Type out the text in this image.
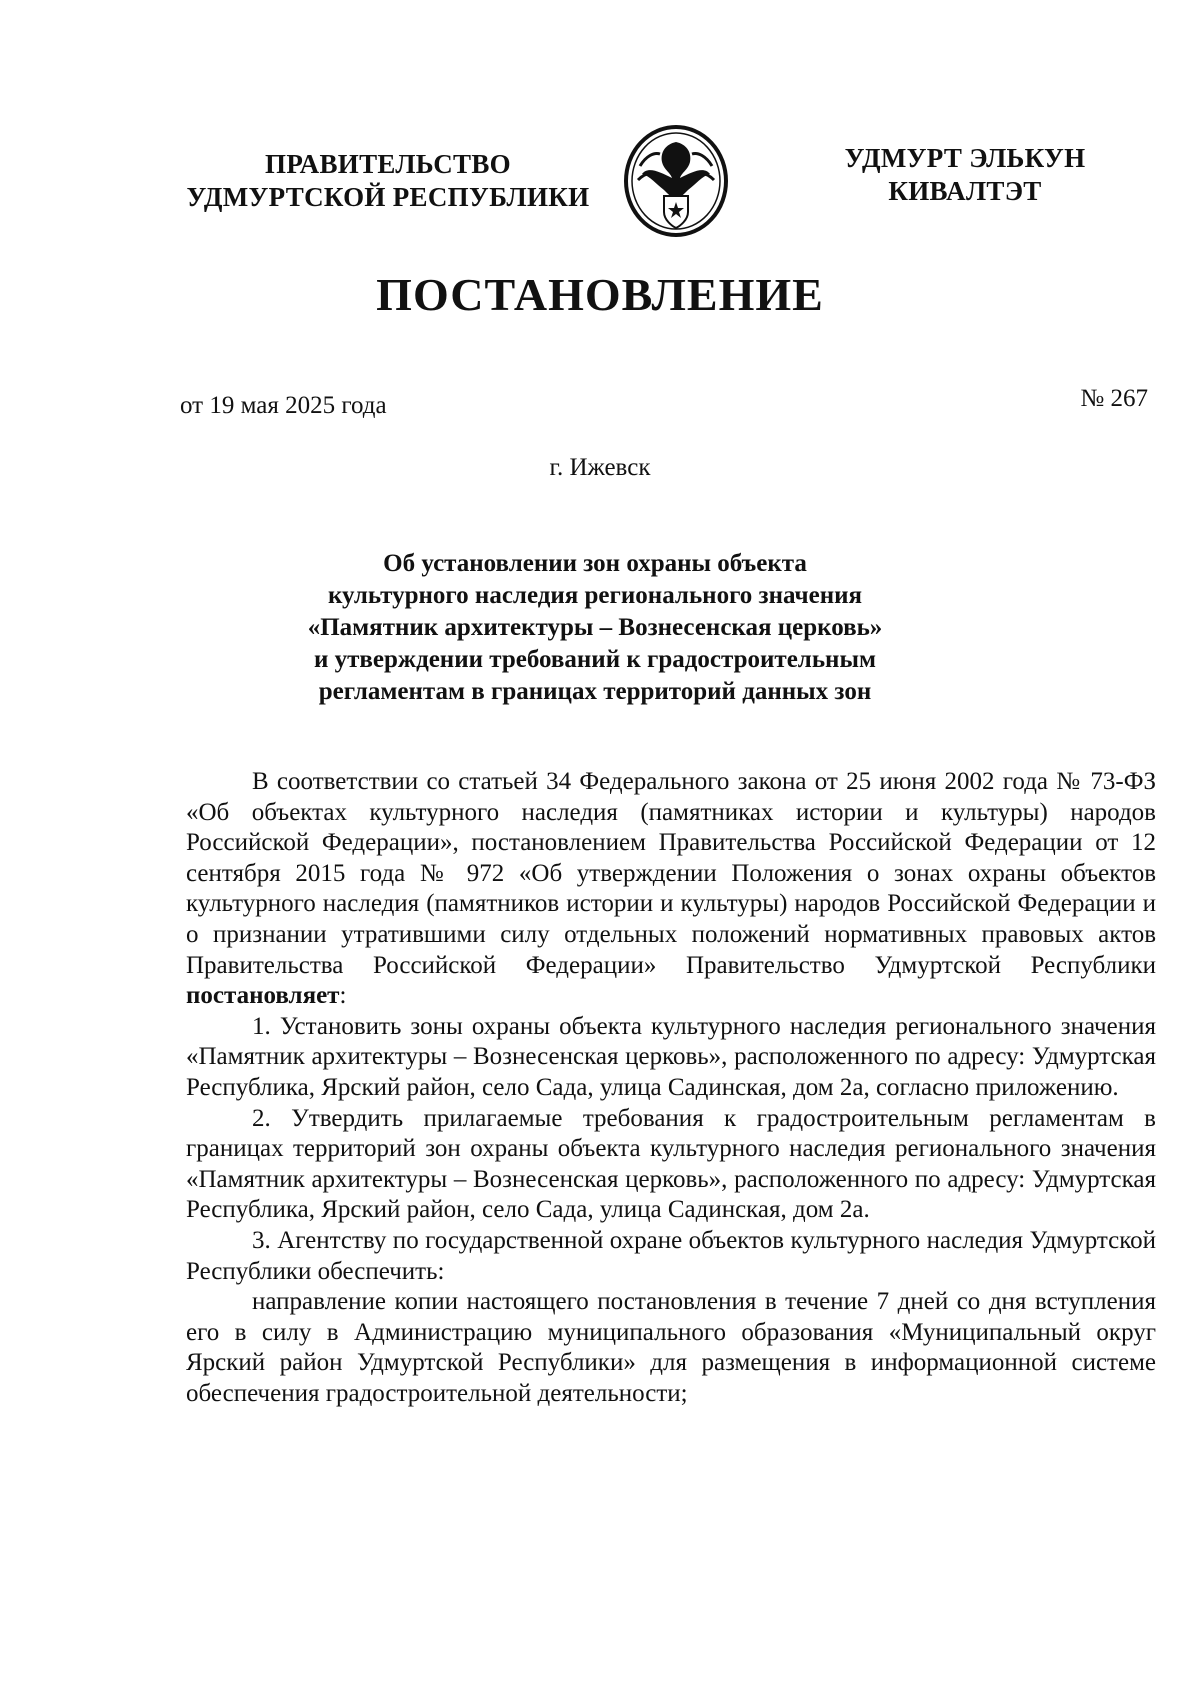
ПРАВИТЕЛЬСТВО
УДМУРТСКОЙ РЕСПУБЛИКИ
УДМУРТ ЭЛЬКУН
КИВАЛТЭТ
ПОСТАНОВЛЕНИЕ
от 19 мая 2025 года	№ 267
г. Ижевск
Об установлении зон охраны объекта
культурного наследия регионального значения
«Памятник архитектуры – Вознесенская церковь»
и утверждении требований к градостроительным
регламентам в границах территорий данных зон

В соответствии со статьей 34 Федерального закона от 25 июня 2002 года № 73-ФЗ «Об объектах культурного наследия (памятниках истории и культуры) народов Российской Федерации», постановлением Правительства Российской Федерации от 12 сентября 2015 года № 972 «Об утверждении Положения о зонах охраны объектов культурного наследия (памятников истории и культуры) народов Российской Федерации и о признании утратившими силу отдельных положений нормативных правовых актов Правительства Российской Федерации» Правительство Удмуртской Республики постановляет:

1. Установить зоны охраны объекта культурного наследия регионального значения «Памятник архитектуры – Вознесенская церковь», расположенного по адресу: Удмуртская Республика, Ярский район, село Сада, улица Садинская, дом 2а, согласно приложению.

2. Утвердить прилагаемые требования к градостроительным регламентам в границах территорий зон охраны объекта культурного наследия регионального значения «Памятник архитектуры – Вознесенская церковь», расположенного по адресу: Удмуртская Республика, Ярский район, село Сада, улица Садинская, дом 2а.

3. Агентству по государственной охране объектов культурного наследия Удмуртской Республики обеспечить:

направление копии настоящего постановления в течение 7 дней со дня вступления его в силу в Администрацию муниципального образования «Муниципальный округ Ярский район Удмуртской Республики» для размещения в информационной системе обеспечения градостроительной деятельности;
